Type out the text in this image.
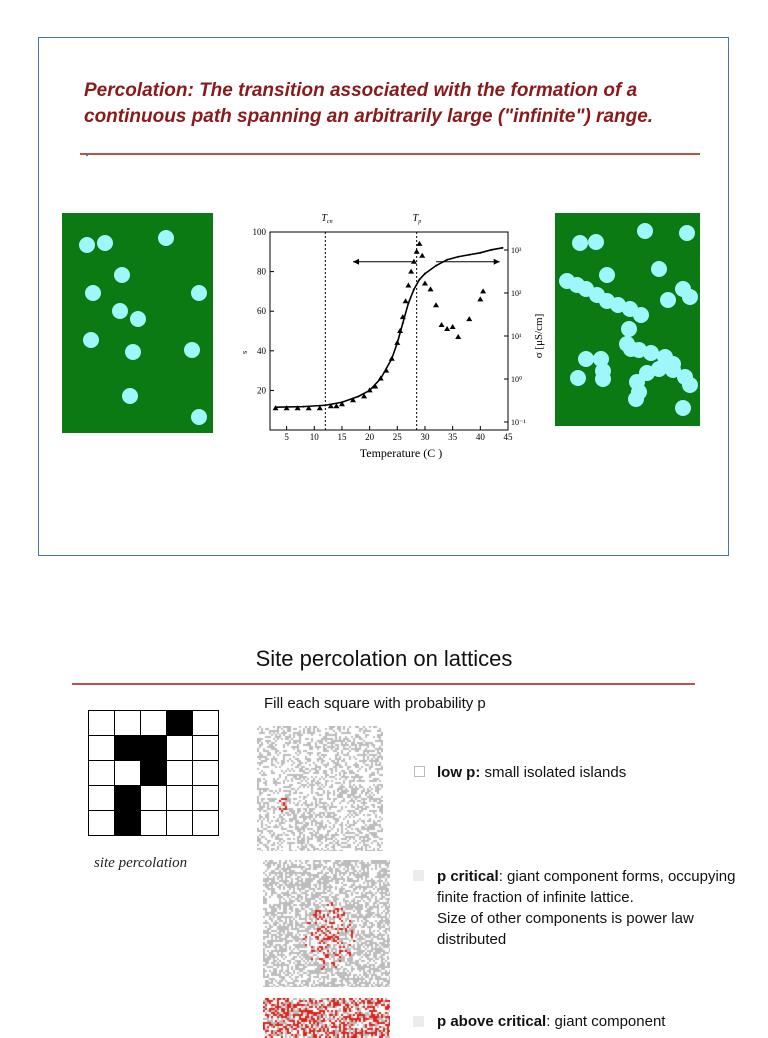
Percolation: The transition associated with the formation of a continuous path spanning an arbitrarily large ("infinite") range.
5 10 15 20 25 30 35 40 45
20
40
60
80
100
10⁻¹
10⁰
10¹
10²
10³
Temperature (C )
s	σ [μS/cm]
$T_{cn}$	$T_p$
Site percolation on lattices
Fill each square with probability p

site percolation
low p: small isolated islands
p critical: giant component forms, occupying finite fraction of infinite lattice.
Size of other components is power law distributed
p above critical: giant component
